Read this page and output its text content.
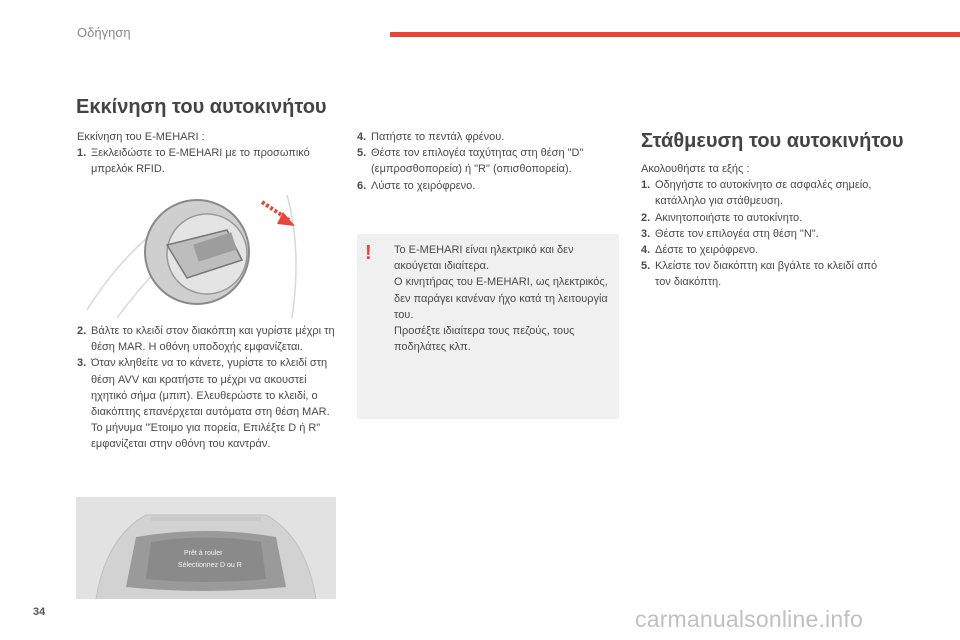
Οδήγηση
Εκκίνηση του αυτοκινήτου
Εκκίνηση του E-MEHARI :
1. Ξεκλειδώστε το E-MEHARI με το προσωπικό μπρελόκ RFID.
2. Βάλτε το κλειδί στον διακόπτη και γυρίστε μέχρι τη θέση MAR. Η οθόνη υποδοχής εμφανίζεται.
3. Όταν κληθείτε να το κάνετε, γυρίστε το κλειδί στη θέση AVV και κρατήστε το μέχρι να ακουστεί ηχητικό σήμα (μπιπ). Ελευθερώστε το κλειδί, ο διακόπτης επανέρχεται αυτόματα στη θέση MAR. Το μήνυμα "Έτοιμο για πορεία, Επιλέξτε D ή R" εμφανίζεται στην οθόνη του καντράν.
4. Πατήστε το πεντάλ φρένου.
5. Θέστε τον επιλογέα ταχύτητας στη θέση "D" (εμπροσθοπορεία) ή "R" (οπισθοπορεία).
6. Λύστε το χειρόφρενο.
! Το E-MEHARI είναι ηλεκτρικό και δεν ακούγεται ιδιαίτερα.

Ο κινητήρας του E-MEHARI, ως ηλεκτρικός, δεν παράγει κανέναν ήχο κατά τη λειτουργία του.

Προσέξτε ιδιαίτερα τους πεζούς, τους ποδηλάτες κλπ.

Στάθμευση του αυτοκινήτου
Ακολουθήστε τα εξής :
1. Οδηγήστε το αυτοκίνητο σε ασφαλές σημείο, κατάλληλο για στάθμευση.
2. Ακινητοποιήστε το αυτοκίνητο.
3. Θέστε τον επιλογέα στη θέση "N".
4. Δέστε το χειρόφρενο.
5. Κλείστε τον διακόπτη και βγάλτε το κλειδί από τον διακόπτη.
Prêt à rouler
Sélectionnez D ou R
34	carmanualsonline.info
